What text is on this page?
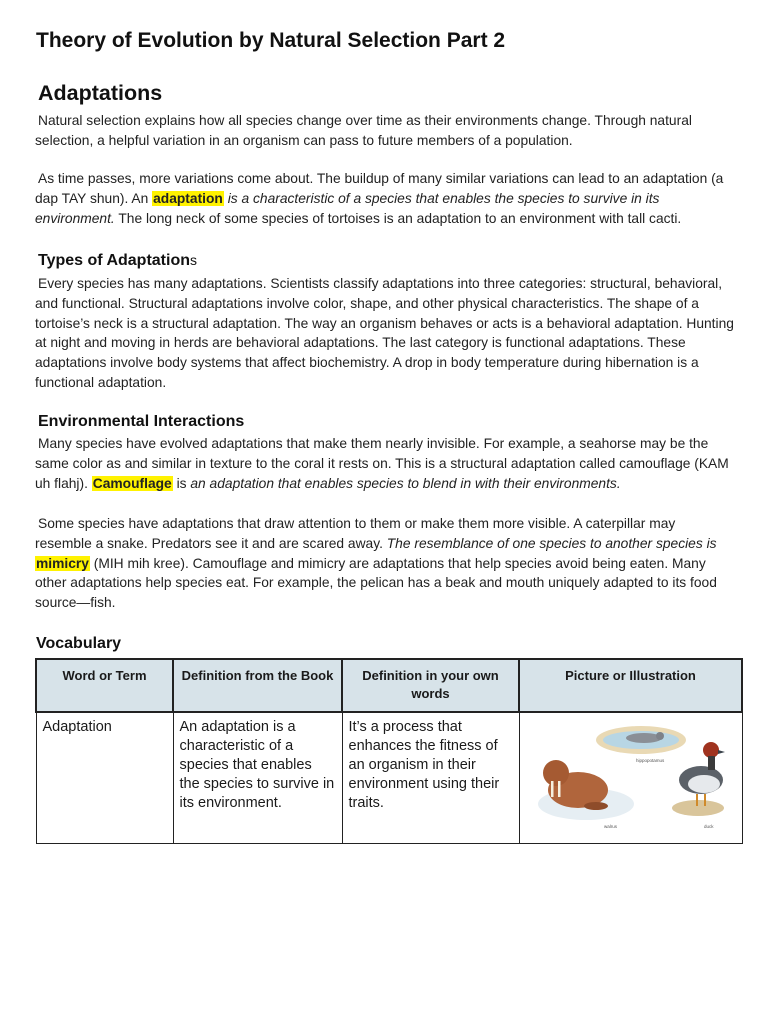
Theory of Evolution by Natural Selection Part 2
Adaptations

Natural selection explains how all species change over time as their environments change. Through natural selection, a helpful variation in an organism can pass to future members of a population.

As time passes, more variations come about. The buildup of many similar variations can lead to an adaptation (a dap TAY shun). An adaptation is a characteristic of a species that enables the species to survive in its environment. The long neck of some species of tortoises is an adaptation to an environment with tall cacti.

Types of Adaptations

Every species has many adaptations. Scientists classify adaptations into three categories: structural, behavioral, and functional. Structural adaptations involve color, shape, and other physical characteristics. The shape of a tortoise’s neck is a structural adaptation. The way an organism behaves or acts is a behavioral adaptation. Hunting at night and moving in herds are behavioral adaptations. The last category is functional adaptations. These adaptations involve body systems that affect biochemistry. A drop in body temperature during hibernation is a functional adaptation.

Environmental Interactions

Many species have evolved adaptations that make them nearly invisible. For example, a seahorse may be the same color as and similar in texture to the coral it rests on. This is a structural adaptation called camouflage (KAM uh flahj). Camouflage is an adaptation that enables species to blend in with their environments.

Some species have adaptations that draw attention to them or make them more visible. A caterpillar may resemble a snake. Predators see it and are scared away. The resemblance of one species to another species is mimicry (MIH mih kree). Camouflage and mimicry are adaptations that help species avoid being eaten. Many other adaptations help species eat. For example, the pelican has a beak and mouth uniquely adapted to its food source—fish.

Vocabulary
Word or Term	Definition from the Book	Definition in your own words	Picture or Illustration
Adaptation	An adaptation is a characteristic of a species that enables the species to survive in its environment.	It’s a process that enhances the fitness of an organism in their environment using their traits.	hippopotamus
walrus duck
